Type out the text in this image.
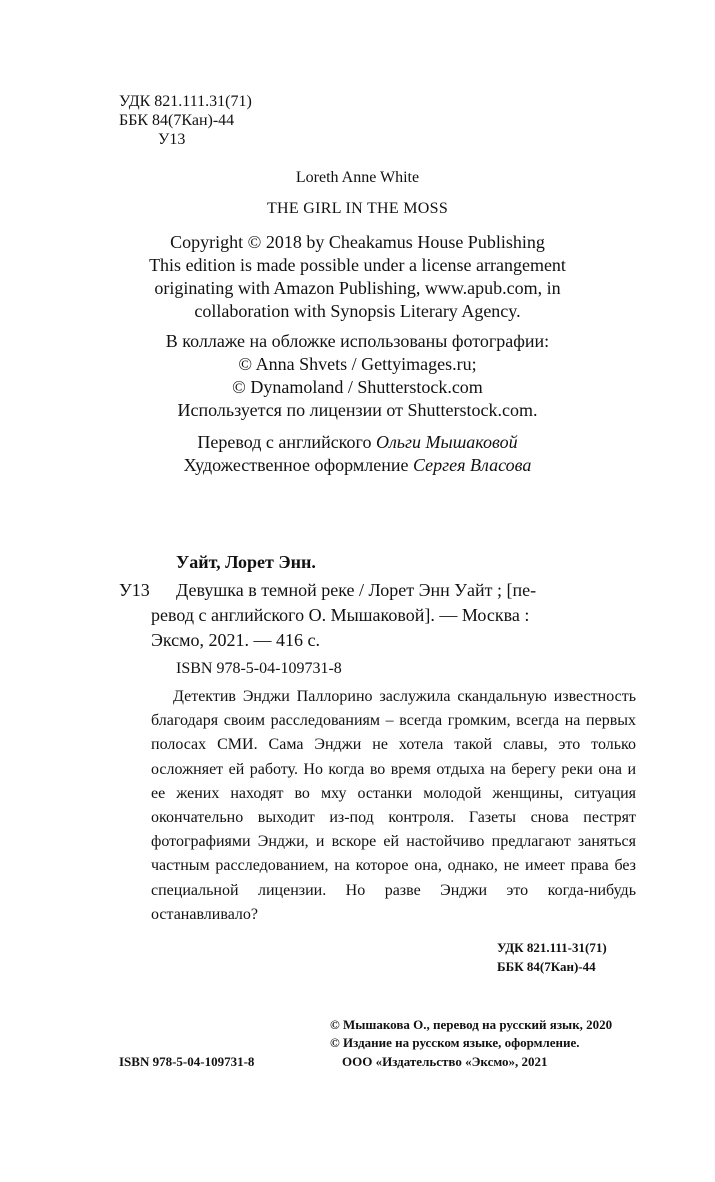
УДК 821.111.31(71)
ББК 84(7Кан)-44
У13
Loreth Anne White
THE GIRL IN THE MOSS
Copyright © 2018 by Cheakamus House Publishing
This edition is made possible under a license arrangement
originating with Amazon Publishing, www.apub.com, in
collaboration with Synopsis Literary Agency.
В коллаже на обложке использованы фотографии:
© Anna Shvets / Gettyimages.ru;
© Dynamoland / Shutterstock.com
Используется по лицензии от Shutterstock.com.
Перевод с английского Ольги Мышаковой
Художественное оформление Сергея Власова
Уайт, Лорет Энн.
У13 Девушка в темной реке / Лорет Энн Уайт ; [пе-
ревод с английского О. Мышаковой]. — Москва :
Эксмо, 2021. — 416 с.
ISBN 978-5-04-109731-8
Детектив Энджи Паллорино заслужила скандальную известность благодаря своим расследованиям – всегда громким, всегда на первых полосах СМИ. Сама Энджи не хотела такой славы, это только осложняет ей работу. Но когда во время отдыха на берегу реки она и ее жених находят во мху останки молодой женщины, ситуация окончательно выходит из-под контроля. Газеты снова пестрят фотографиями Энджи, и вскоре ей настойчиво предлагают заняться частным расследованием, на которое она, однако, не имеет права без специальной лицензии. Но разве Энджи это когда-нибудь останавливало?
УДК 821.111-31(71)
ББК 84(7Кан)-44
ISBN 978-5-04-109731-8
© Мышакова О., перевод на русский язык, 2020
© Издание на русском языке, оформление.
ООО «Издательство «Эксмо», 2021
